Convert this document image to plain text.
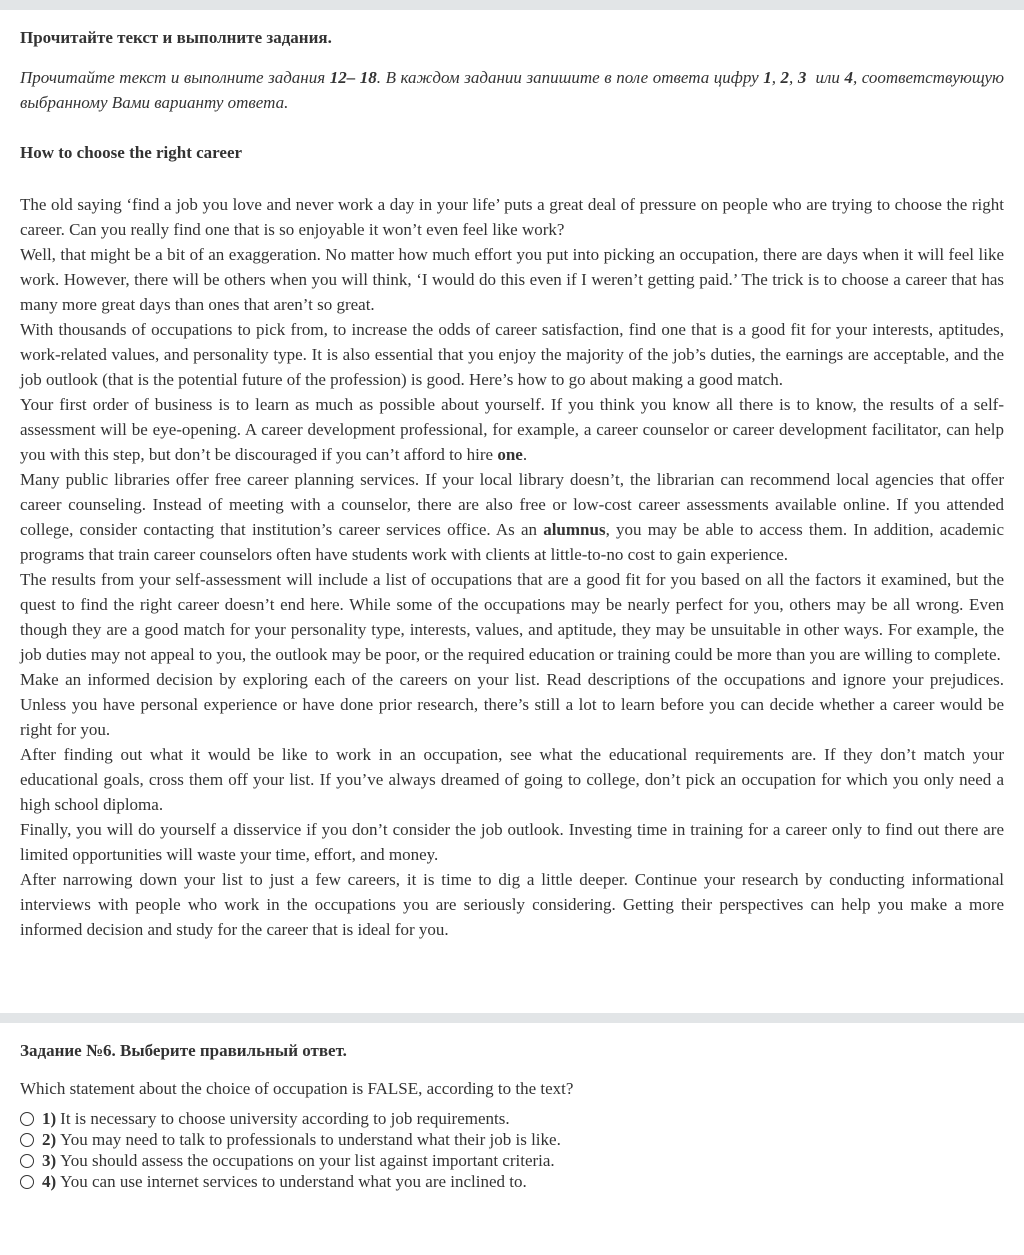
Прочитайте текст и выполните задания.

Прочитайте текст и выполните задания 12– 18. В каждом задании запишите в поле ответа цифру 1, 2, 3  или 4, соответствующую выбранному Вами варианту ответа.

How to choose the right career

The old saying ‘find a job you love and never work a day in your life’ puts a great deal of pressure on people who are trying to choose the right career. Can you really find one that is so enjoyable it won’t even feel like work?

Well, that might be a bit of an exaggeration. No matter how much effort you put into picking an occupation, there are days when it will feel like work. However, there will be others when you will think, ‘I would do this even if I weren’t getting paid.’ The trick is to choose a career that has many more great days than ones that aren’t so great.

With thousands of occupations to pick from, to increase the odds of career satisfaction, find one that is a good fit for your interests, aptitudes, work-related values, and personality type. It is also essential that you enjoy the majority of the job’s duties, the earnings are acceptable, and the job outlook (that is the potential future of the profession) is good. Here’s how to go about making a good match.

Your first order of business is to learn as much as possible about yourself. If you think you know all there is to know, the results of a self-assessment will be eye-opening. A career development professional, for example, a career counselor or career development facilitator, can help you with this step, but don’t be discouraged if you can’t afford to hire one.

Many public libraries offer free career planning services. If your local library doesn’t, the librarian can recommend local agencies that offer career counseling. Instead of meeting with a counselor, there are also free or low-cost career assessments available online. If you attended college, consider contacting that institution’s career services office. As an alumnus, you may be able to access them. In addition, academic programs that train career counselors often have students work with clients at little-to-no cost to gain experience.

The results from your self-assessment will include a list of occupations that are a good fit for you based on all the factors it examined, but the quest to find the right career doesn’t end here. While some of the occupations may be nearly perfect for you, others may be all wrong. Even though they are a good match for your personality type, interests, values, and aptitude, they may be unsuitable in other ways. For example, the job duties may not appeal to you, the outlook may be poor, or the required education or training could be more than you are willing to complete.

Make an informed decision by exploring each of the careers on your list. Read descriptions of the occupations and ignore your prejudices. Unless you have personal experience or have done prior research, there’s still a lot to learn before you can decide whether a career would be right for you.

After finding out what it would be like to work in an occupation, see what the educational requirements are. If they don’t match your educational goals, cross them off your list. If you’ve always dreamed of going to college, don’t pick an occupation for which you only need a high school diploma.

Finally, you will do yourself a disservice if you don’t consider the job outlook. Investing time in training for a career only to find out there are limited opportunities will waste your time, effort, and money.

After narrowing down your list to just a few careers, it is time to dig a little deeper. Continue your research by conducting informational interviews with people who work in the occupations you are seriously considering. Getting their perspectives can help you make a more informed decision and study for the career that is ideal for you.

Задание №6. Выберите правильный ответ.

Which statement about the choice of occupation is FALSE, according to the text?

1) It is necessary to choose university according to job requirements.
2) You may need to talk to professionals to understand what their job is like.
3) You should assess the occupations on your list against important criteria.
4) You can use internet services to understand what you are inclined to.
